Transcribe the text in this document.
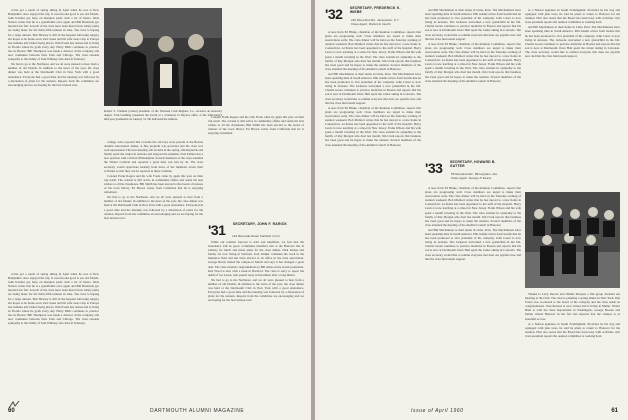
wa'tie got a touch of spring skiing in April when he was at New Hampshire. Also enjoyed the trip. It was fun and good to see old friends. John Kramer got busy on Reunion plans with a lot of letters. Dick Nelson writes that he is a grandfather once again and Bill Bernstein got married last fall. Several of the class have been heard from. Many plans are being made for the thirty-fifth reunion in June. The class is hoping for a large turnout. Bob Hawley is still in the hospital following surgery but hopes to be home soon. Pete Jones and his wife took a trip to Europe last summer and visited many places. Walt Evans has retired and is living in Florida where he golfs every day. Harry Mills continues to practice law in Boston. Bill Thompson was made a director of his company and now commutes between New York and Chicago. The class extends sympathy to the family of Sam Whitney who died in February.

We had to go to the Northeast, and we all were pleased to hear from a number of old friends. In addition to the news of the year, the class dinner was held at the Dartmouth Club in New York with a good attendance. Everyone had a good time and the meeting was followed by a discussion of plans for the reunion. Reports from the committee are encouraging and we are hoping for the best turnout ever.

wa'tie got a touch of spring skiing in April when he was at New Hampshire. Also enjoyed the trip. It was fun and good to see old friends. John Kramer got busy on Reunion plans with a lot of letters. Dick Nelson writes that he is a grandfather once again and Bill Bernstein got married last fall. Several of the class have been heard from. Many plans are being made for the thirty-fifth reunion in June. The class is hoping for a large turnout. Bob Hawley is still in the hospital following surgery but hopes to be home soon. Pete Jones and his wife took a trip to Europe last summer and visited many places. Walt Evans has retired and is living in Florida where he golfs every day. Harry Mills continues to practice law in Boston. Bill Thompson was made a director of his company and now commutes between New York and Chicago. The class extends sympathy to the family of Sam Whitney who died in February.

Robert S. Clement (center) president of the National Cash Register Co., receives an honorary degree. Tom Leaming presented the award at a ceremony in Dayton, Ohio, at the University's mid-year graduation on January 31. He delivered the address.

college. Also reported that at home the old boys were present at the Boston Alumni Association dinner. A fine program was provided and the class was well represented. The next meeting will be held in the spring. Jim Reynolds and family spent the winter in Arizona and enjoyed the sunshine. Fred Palmer has a new position with a firm in Philadelphia. Several members of the class attended the Winter Carnival and reported a good time was had by all. The class secretary would appreciate hearing from more of the members about their activities so that they can be reported in these columns.

Colonel Frank Rogers and his wife Freda came by again this year on their trip north. The colonel is still active in community affairs and sends his best wishes to all his classmates. Bill Smith has been elected to the board of trustees of his town library. Ed Brown writes from California that he is enjoying retirement.

We had to go to the Northeast, and we all were pleased to hear from a number of old friends. In addition to the news of the year, the class dinner was held at the Dartmouth Club in New York with a good attendance. Everyone had a good time and the meeting was followed by a discussion of plans for the reunion. Reports from the committee are encouraging and we are hoping for the best turnout ever.

Colonel Frank Rogers and his wife Freda came by again this year on their trip north. The colonel is still active in community affairs and sends his best wishes to all his classmates. Bill Smith has been elected to the board of trustees of his town library. Ed Brown writes from California that he is enjoying retirement.

'31 SECRETARY, JOHN F. RARICK
144 Riverside Road, Fairfield, Conn.

While our reunion forecast is wild and indefinite, we feel that the attendance will be good. Committee members met at the Hanover Inn in January for lunch and made plans for the class dinner. Dick Dodge and family are now living in Vermont. Tom Walker continues his work in the insurance field and has been elected to an office in the state association. George Harris visited the campus in March and says it has changed a great deal. The class extends congratulations to Bill Allen on his recent promotion. Ken Wood is now with a bank in Hartford. The class is sorry to report the death of Joe Green, who passed away in December after a long illness.

We had to go to the Northeast, and we all were pleased to hear from a number of old friends. In addition to the news of the year, the class dinner was held at the Dartmouth Club in New York with a good attendance. Everyone had a good time and the meeting was followed by a discussion of plans for the reunion. Reports from the committee are encouraging and we are hoping for the best turnout ever.

60	DARTMOUTH ALUMNI MAGAZINE
'32 SECRETARY, FREDERICK K. WIEBE
140 West End Rd., Jamestown, N.Y.
Class Agent, Robert E. Devlin

A note from Ed Hinke, chairman of the Reunion Committee, reports that plans are progressing well. Class members are urged to make their reservations early. The class dinner will be held on the Saturday evening of reunion weekend. Bob Mulford writes that he has moved to a new home in Connecticut. Al Peters has been appointed to the staff of the hospital. Harry Lewis is now teaching at a school in New Jersey. Frank Wilson and his wife spent a month traveling in the West. The class extends its sympathy to the family of Ray Morgan who died last month. Jim Clark reports that business has been good and he hopes to make the reunion. Several members of the class attended the meeting of the Alumni Council in Hanover.

and Bill MacKinnon at their home in Lima, Peru. The MacKinnons have been spending time in South America. Phil Adams writes from Seattle that he has been promoted to vice president of his company. John Carter is now living in Arizona. The Jacksons welcomed a new grandchild in the fall. Charlie Green continues to practice medicine in Boston and reports that his son is now at Dartmouth. Dave Hall spent the winter skiing in Colorado. The class secretary would like to remind everyone that dues are payable now and that the class fund needs support.

A note from Ed Hinke, chairman of the Reunion Committee, reports that plans are progressing well. Class members are urged to make their reservations early. The class dinner will be held on the Saturday evening of reunion weekend. Bob Mulford writes that he has moved to a new home in Connecticut. Al Peters has been appointed to the staff of the hospital. Harry Lewis is now teaching at a school in New Jersey. Frank Wilson and his wife spent a month traveling in the West. The class extends its sympathy to the family of Ray Morgan who died last month. Jim Clark reports that business has been good and he hopes to make the reunion. Several members of the class attended the meeting of the Alumni Council in Hanover.

and Bill MacKinnon at their home in Lima, Peru. The MacKinnons have been spending time in South America. Phil Adams writes from Seattle that he has been promoted to vice president of his company. John Carter is now living in Arizona. The Jacksons welcomed a new grandchild in the fall. Charlie Green continues to practice medicine in Boston and reports that his son is now at Dartmouth. Dave Hall spent the winter skiing in Colorado. The class secretary would like to remind everyone that dues are payable now and that the class fund needs support.

A note from Ed Hinke, chairman of the Reunion Committee, reports that plans are progressing well. Class members are urged to make their reservations early. The class dinner will be held on the Saturday evening of reunion weekend. Bob Mulford writes that he has moved to a new home in Connecticut. Al Peters has been appointed to the staff of the hospital. Harry Lewis is now teaching at a school in New Jersey. Frank Wilson and his wife spent a month traveling in the West. The class extends its sympathy to the family of Ray Morgan who died last month. Jim Clark reports that business has been good and he hopes to make the reunion. Several members of the class attended the meeting of the Alumni Council in Hanover.

'33 SECRETARY, HOWARD B. GATTER
85 Moreland Rd., Birmingham, Ala.
Class Agent, George P. Evans

A note from Ed Hinke, chairman of the Reunion Committee, reports that plans are progressing well. Class members are urged to make their reservations early. The class dinner will be held on the Saturday evening of reunion weekend. Bob Mulford writes that he has moved to a new home in Connecticut. Al Peters has been appointed to the staff of the hospital. Harry Lewis is now teaching at a school in New Jersey. Frank Wilson and his wife spent a month traveling in the West. The class extends its sympathy to the family of Ray Morgan who died last month. Jim Clark reports that business has been good and he hopes to make the reunion. Several members of the class attended the meeting of the Alumni Council in Hanover.

and Bill MacKinnon at their home in Lima, Peru. The MacKinnons have been spending time in South America. Phil Adams writes from Seattle that he has been promoted to vice president of his company. John Carter is now living in Arizona. The Jacksons welcomed a new grandchild in the fall. Charlie Green continues to practice medicine in Boston and reports that his son is now at Dartmouth. Dave Hall spent the winter skiing in Colorado. The class secretary would like to remind everyone that dues are payable now and that the class fund needs support.

as a Nelson applause in South Framingham. Provided by his dog and equipped with pine trees, he said he plans to return to Hanover for the reunion. Hart also noted that the Board has been busy with activities. Our class president reports the reunion committee is working hard.

and Bill MacKinnon at their home in Lima, Peru. The MacKinnons have been spending time in South America. Phil Adams writes from Seattle that he has been promoted to vice president of his company. John Carter is now living in Arizona. The Jacksons welcomed a new grandchild in the fall. Charlie Green continues to practice medicine in Boston and reports that his son is now at Dartmouth. Dave Hall spent the winter skiing in Colorado. The class secretary would like to remind everyone that dues are payable now and that the class fund needs support.

Thanks to Larry Reeves and Jimmie Morgan, a fine group attended our meeting at the Club. The class is planning a spring dinner in New York. Dan Foster was re-elected to the board of his company and the class sends its congratulations. Stan Roberts is now retired and is living in Maine. Walter Hunt is with the State Department in Washington. George Brooks and family visited Hanover in the fall and reported that the campus is as beautiful as ever.

as a Nelson applause in South Framingham. Provided by his dog and equipped with pine trees, he said he plans to return to Hanover for the reunion. Hart also noted that the Board has been busy with activities. Our class president reports the reunion committee is working hard.

Issue of April 1960	61
